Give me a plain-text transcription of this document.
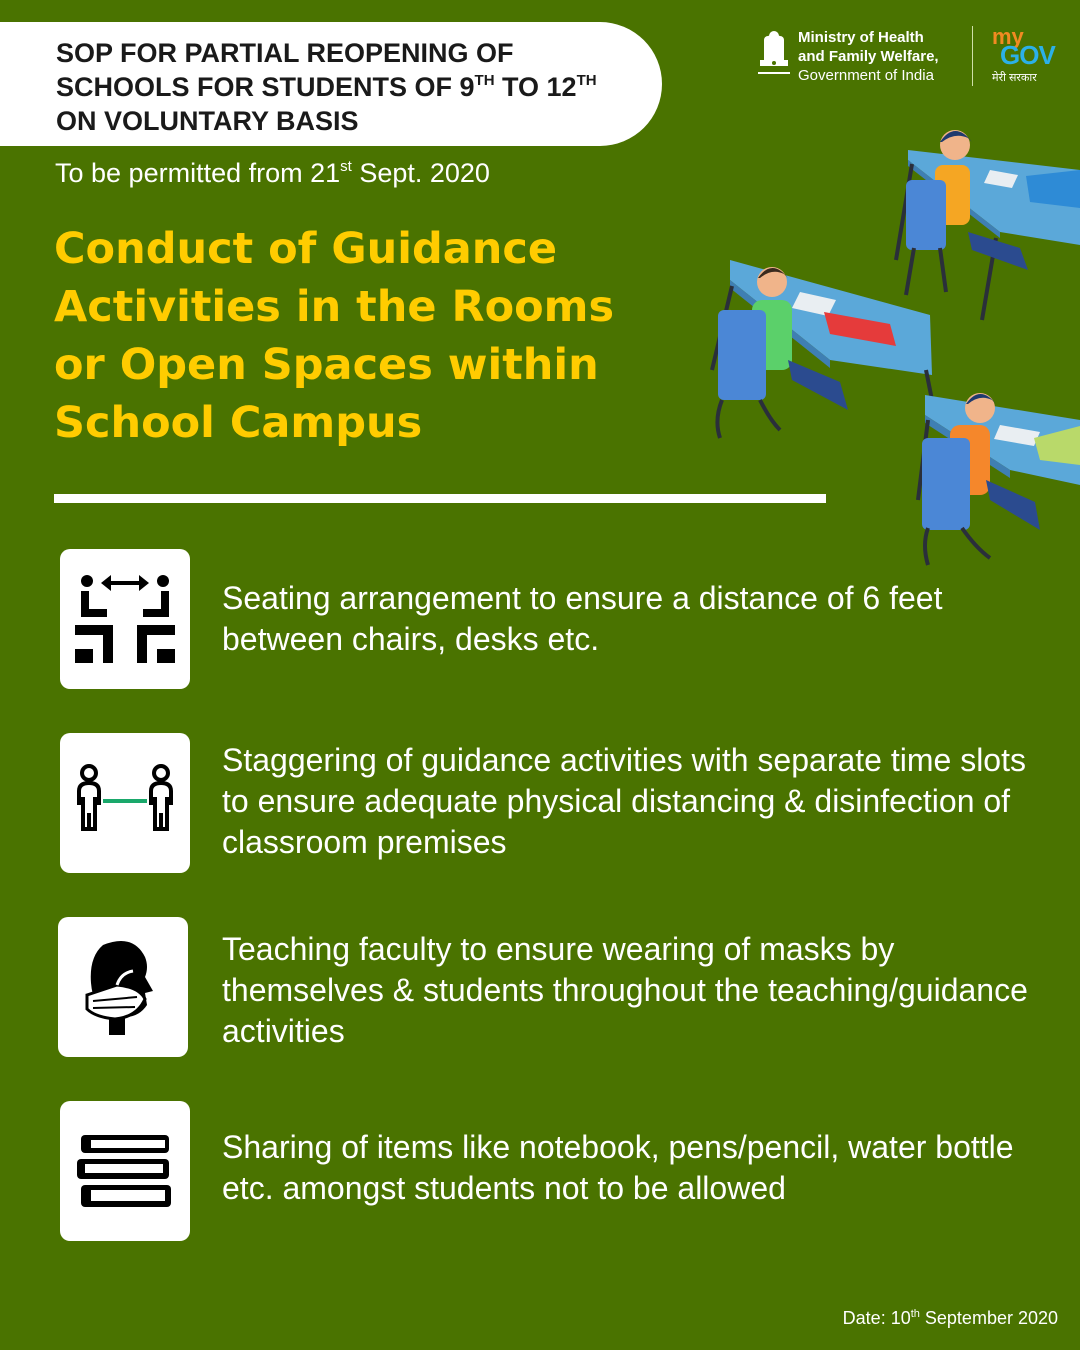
SOP FOR PARTIAL REOPENING OF
SCHOOLS FOR STUDENTS OF 9TH TO 12TH
ON VOLUNTARY BASIS
To be permitted from 21st Sept. 2020
Conduct of Guidance
Activities in the Rooms
or Open Spaces within
School Campus
Ministry of Health
and Family Welfare,
Government of India
my
GOV
मेरी सरकार
Seating arrangement to ensure a distance of 6 feet between chairs, desks etc.
Staggering of guidance activities with separate time slots to ensure adequate physical distancing & disinfection of classroom premises
Teaching faculty to ensure wearing of masks by themselves & students throughout the teaching/guidance activities
Sharing of items like notebook, pens/pencil, water bottle etc. amongst students not to be allowed
Date: 10th September 2020
